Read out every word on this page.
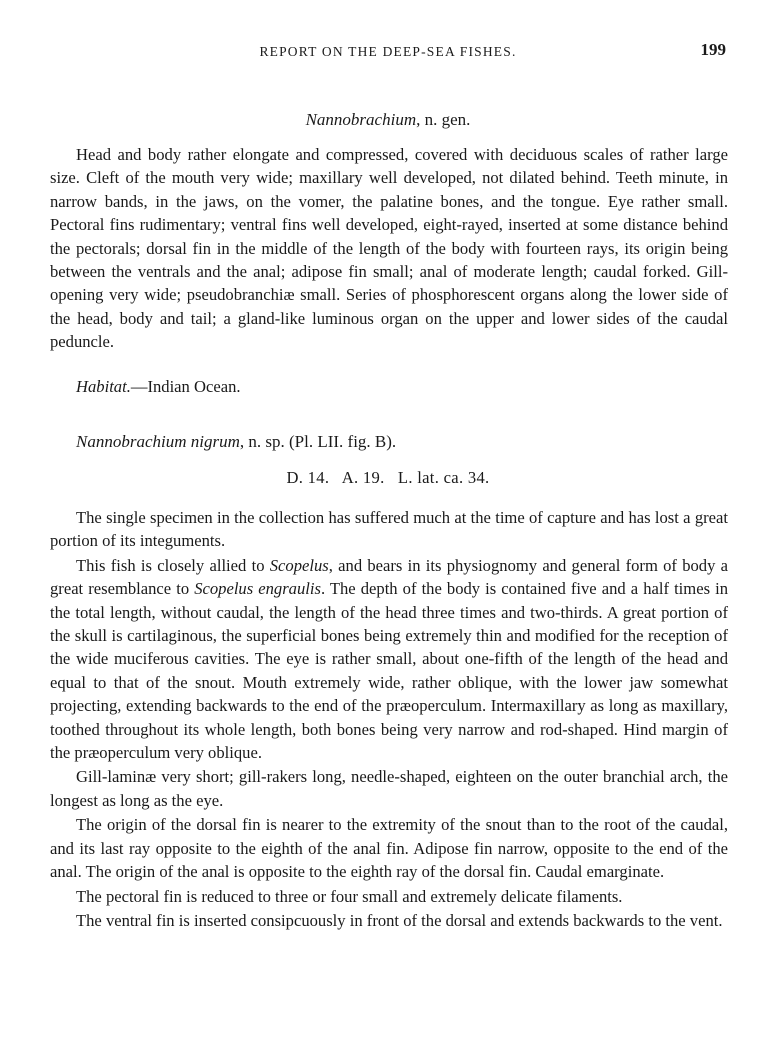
REPORT ON THE DEEP-SEA FISHES.	199
Nannobrachium, n. gen.

Head and body rather elongate and compressed, covered with deciduous scales of rather large size. Cleft of the mouth very wide; maxillary well developed, not dilated behind. Teeth minute, in narrow bands, in the jaws, on the vomer, the palatine bones, and the tongue. Eye rather small. Pectoral fins rudimentary; ventral fins well developed, eight-rayed, inserted at some distance behind the pectorals; dorsal fin in the middle of the length of the body with fourteen rays, its origin being between the ventrals and the anal; adipose fin small; anal of moderate length; caudal forked. Gill-opening very wide; pseudobranchiæ small. Series of phosphorescent organs along the lower side of the head, body and tail; a gland-like luminous organ on the upper and lower sides of the caudal peduncle.

Habitat.—Indian Ocean.

Nannobrachium nigrum, n. sp. (Pl. LII. fig. B).
D. 14.   A. 19.   L. lat. ca. 34.

The single specimen in the collection has suffered much at the time of capture and has lost a great portion of its integuments.

This fish is closely allied to Scopelus, and bears in its physiognomy and general form of body a great resemblance to Scopelus engraulis. The depth of the body is contained five and a half times in the total length, without caudal, the length of the head three times and two-thirds. A great portion of the skull is cartilaginous, the superficial bones being extremely thin and modified for the reception of the wide muciferous cavities. The eye is rather small, about one-fifth of the length of the head and equal to that of the snout. Mouth extremely wide, rather oblique, with the lower jaw somewhat projecting, extending backwards to the end of the præoperculum. Intermaxillary as long as maxillary, toothed throughout its whole length, both bones being very narrow and rod-shaped. Hind margin of the præoperculum very oblique.

Gill-laminæ very short; gill-rakers long, needle-shaped, eighteen on the outer branchial arch, the longest as long as the eye.

The origin of the dorsal fin is nearer to the extremity of the snout than to the root of the caudal, and its last ray opposite to the eighth of the anal fin. Adipose fin narrow, opposite to the end of the anal. The origin of the anal is opposite to the eighth ray of the dorsal fin. Caudal emarginate.

The pectoral fin is reduced to three or four small and extremely delicate filaments.

The ventral fin is inserted consipcuously in front of the dorsal and extends backwards to the vent.
